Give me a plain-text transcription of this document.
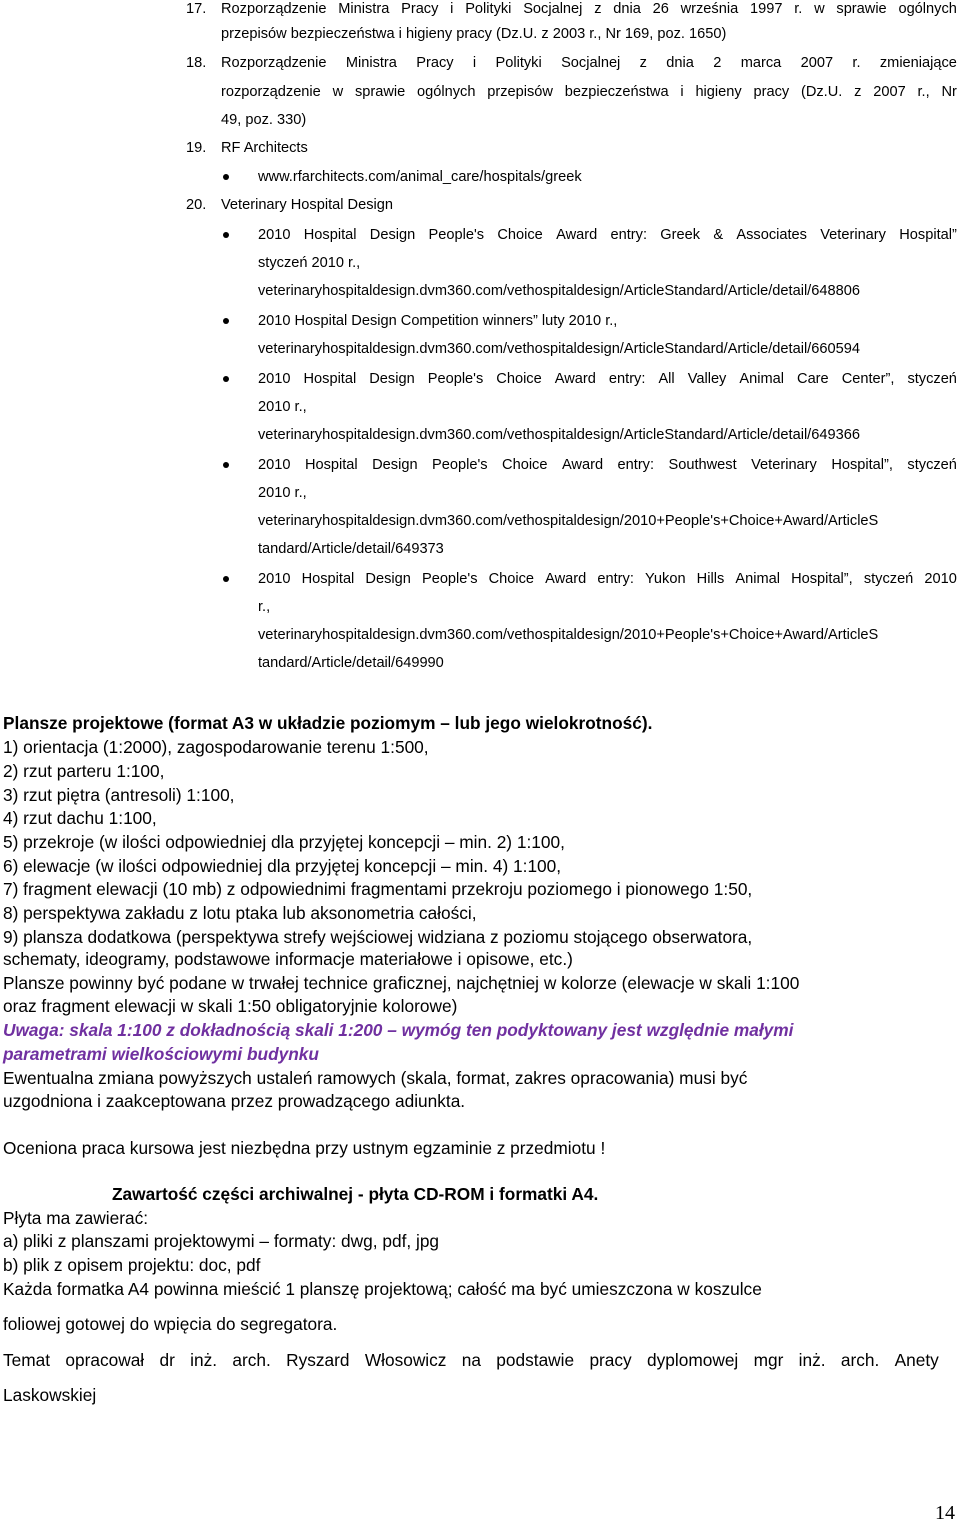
17. Rozporządzenie Ministra Pracy i Polityki Socjalnej z dnia 26 września 1997 r. w sprawie ogólnych
przepisów bezpieczeństwa i higieny pracy (Dz.U. z 2003 r., Nr 169, poz. 1650)
18. Rozporządzenie Ministra Pracy i Polityki Socjalnej z dnia 2 marca 2007 r. zmieniające
rozporządzenie w sprawie ogólnych przepisów bezpieczeństwa i higieny pracy (Dz.U. z 2007 r., Nr
49, poz. 330)
19. RF Architects
www.rfarchitects.com/animal_care/hospitals/greek
20. Veterinary Hospital Design
2010 Hospital Design People's Choice Award entry: Greek & Associates Veterinary Hospital”
styczeń 2010 r.,
veterinaryhospitaldesign.dvm360.com/vethospitaldesign/ArticleStandard/Article/detail/648806
2010 Hospital Design Competition winners” luty 2010 r.,
veterinaryhospitaldesign.dvm360.com/vethospitaldesign/ArticleStandard/Article/detail/660594
2010 Hospital Design People's Choice Award entry: All Valley Animal Care Center”, styczeń
2010 r.,
veterinaryhospitaldesign.dvm360.com/vethospitaldesign/ArticleStandard/Article/detail/649366
2010 Hospital Design People's Choice Award entry: Southwest Veterinary Hospital”, styczeń
2010 r.,
veterinaryhospitaldesign.dvm360.com/vethospitaldesign/2010+People's+Choice+Award/ArticleS
tandard/Article/detail/649373
2010 Hospital Design People's Choice Award entry: Yukon Hills Animal Hospital”, styczeń 2010
r.,
veterinaryhospitaldesign.dvm360.com/vethospitaldesign/2010+People's+Choice+Award/ArticleS
tandard/Article/detail/649990
Plansze projektowe (format A3 w układzie poziomym – lub jego wielokrotność).
1) orientacja (1:2000), zagospodarowanie terenu 1:500,
2) rzut parteru 1:100,
3) rzut piętra (antresoli) 1:100,
4) rzut dachu 1:100,
5) przekroje (w ilości odpowiedniej dla przyjętej koncepcji – min. 2) 1:100,
6) elewacje (w ilości odpowiedniej dla przyjętej koncepcji – min. 4) 1:100,
7) fragment elewacji (10 mb) z odpowiednimi fragmentami przekroju poziomego i pionowego 1:50,
8) perspektywa zakładu z lotu ptaka lub aksonometria całości,
9) plansza dodatkowa (perspektywa strefy wejściowej widziana z poziomu stojącego obserwatora,
schematy, ideogramy, podstawowe informacje materiałowe i opisowe, etc.)
Plansze powinny być podane w trwałej technice graficznej, najchętniej w kolorze (elewacje w skali 1:100
oraz fragment elewacji w skali 1:50 obligatoryjnie kolorowe)
Uwaga: skala 1:100 z dokładnością skali 1:200 – wymóg ten podyktowany jest względnie małymi
parametrami wielkościowymi budynku
Ewentualna zmiana powyższych ustaleń ramowych (skala, format, zakres opracowania) musi być
uzgodniona i zaakceptowana przez prowadzącego adiunkta.
Oceniona praca kursowa jest niezbędna przy ustnym egzaminie z przedmiotu !
Zawartość części archiwalnej - płyta CD-ROM i formatki A4.
Płyta ma zawierać:
a) pliki z planszami projektowymi – formaty: dwg, pdf, jpg
b) plik z opisem projektu: doc, pdf
Każda formatka A4 powinna mieścić 1 planszę projektową; całość ma być umieszczona w koszulce
foliowej gotowej do wpięcia do segregatora.
Temat opracował dr inż. arch. Ryszard Włosowicz na podstawie pracy dyplomowej mgr inż. arch. Anety
Laskowskiej
14
